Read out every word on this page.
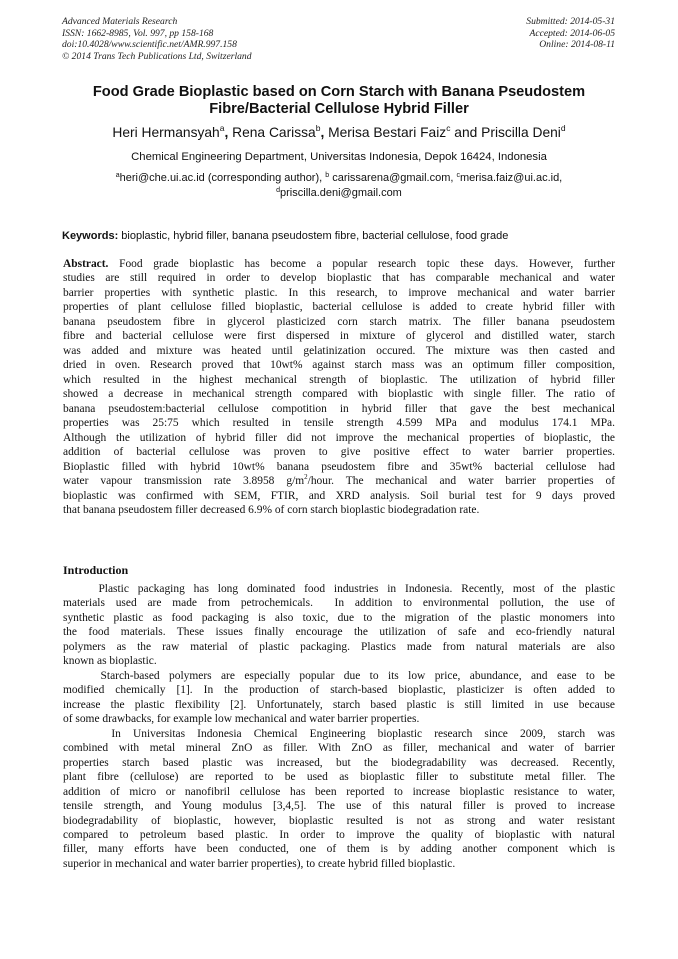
Advanced Materials Research
ISSN: 1662-8985, Vol. 997, pp 158-168
doi:10.4028/www.scientific.net/AMR.997.158
© 2014 Trans Tech Publications Ltd, Switzerland
Submitted: 2014-05-31
Accepted: 2014-06-05
Online: 2014-08-11
Food Grade Bioplastic based on Corn Starch with Banana Pseudostem
Fibre/Bacterial Cellulose Hybrid Filler
Heri Hermansyah$^a$, Rena Carissa$^b$, Merisa Bestari Faiz$^c$ and Priscilla Deni$^d$
Chemical Engineering Department, Universitas Indonesia, Depok 16424, Indonesia
$^a$heri@che.ui.ac.id (corresponding author), $^b$ carissarena@gmail.com, $^c$merisa.faiz@ui.ac.id,
$^d$priscilla.deni@gmail.com
Keywords: bioplastic, hybrid filler, banana pseudostem fibre, bacterial cellulose, food grade
Abstract. Food grade bioplastic has become a popular research topic these days. However, further
studies are still required in order to develop bioplastic that has comparable mechanical and water
barrier properties with synthetic plastic. In this research, to improve mechanical and water barrier
properties of plant cellulose filled bioplastic, bacterial cellulose is added to create hybrid filler with
banana pseudostem fibre in glycerol plasticized corn starch matrix. The filler banana pseudostem
fibre and bacterial cellulose were first dispersed in mixture of glycerol and distilled water, starch
was added and mixture was heated until gelatinization occured. The mixture was then casted and
dried in oven. Research proved that 10wt% against starch mass was an optimum filler composition,
which resulted in the highest mechanical strength of bioplastic. The utilization of hybrid filler
showed a decrease in mechanical strength compared with bioplastic with single filler. The ratio of
banana pseudostem:bacterial cellulose compotition in hybrid filler that gave the best mechanical
properties was 25:75 which resulted in tensile strength 4.599 MPa and modulus 174.1 MPa.
Although the utilization of hybrid filler did not improve the mechanical properties of bioplastic, the
addition of bacterial cellulose was proven to give positive effect to water barrier properties.
Bioplastic filled with hybrid 10wt% banana pseudostem fibre and 35wt% bacterial cellulose had
water vapour transmission rate 3.8958 $g/m^2$/hour. The mechanical and water barrier properties of
bioplastic was confirmed with SEM, FTIR, and XRD analysis. Soil burial test for 9 days proved
that banana pseudostem filler decreased 6.9% of corn starch bioplastic biodegradation rate.
Introduction
Plastic packaging has long dominated food industries in Indonesia. Recently, most of the plastic
materials used are made from petrochemicals.  In addition to environmental pollution, the use of
synthetic plastic as food packaging is also toxic, due to the migration of the plastic monomers into
the food materials. These issues finally encourage the utilization of safe and eco-friendly natural
polymers as the raw material of plastic packaging. Plastics made from natural materials are also
known as bioplastic.
Starch-based polymers are especially popular due to its low price, abundance, and ease to be
modified chemically [1]. In the production of starch-based bioplastic, plasticizer is often added to
increase the plastic flexibility [2]. Unfortunately, starch based plastic is still limited in use because
of some drawbacks, for example low mechanical and water barrier properties.
In Universitas Indonesia Chemical Engineering bioplastic research since 2009, starch was
combined with metal mineral ZnO as filler. With ZnO as filler, mechanical and water of barrier
properties starch based plastic was increased, but the biodegradability was decreased. Recently,
plant fibre (cellulose) are reported to be used as bioplastic filler to substitute metal filler. The
addition of micro or nanofibril cellulose has been reported to increase bioplastic resistance to water,
tensile strength, and Young modulus [3,4,5]. The use of this natural filler is proved to increase
biodegradability of bioplastic, however, bioplastic resulted is not as strong and water resistant
compared to petroleum based plastic. In order to improve the quality of bioplastic with natural
filler, many efforts have been conducted, one of them is by adding another component which is
superior in mechanical and water barrier properties), to create hybrid filled bioplastic.
